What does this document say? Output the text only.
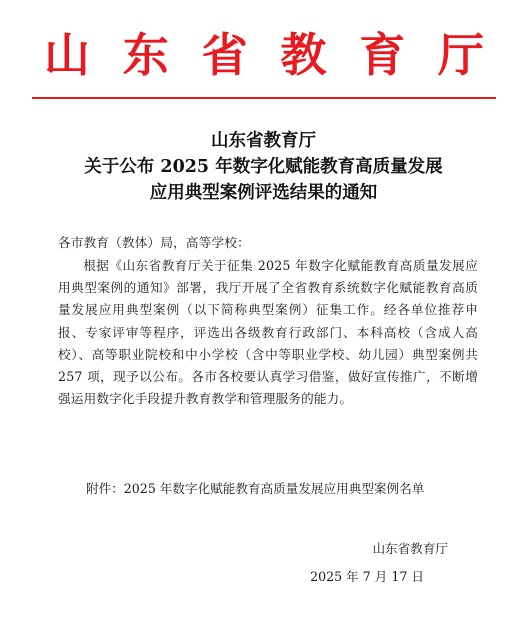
山 东 省 教 育 厅
山东省教育厅
关于公布 2025 年数字化赋能教育高质量发展
应用典型案例评选结果的通知
各市教育（教体）局，高等学校：
根据《山东省教育厅关于征集 2025 年数字化赋能教育高质量发展应用典型案例的通知》部署，我厅开展了全省教育系统数字化赋能教育高质量发展应用典型案例（以下简称典型案例）征集工作。经各单位推荐申报、专家评审等程序，评选出各级教育行政部门、本科高校（含成人高校）、高等职业院校和中小学校（含中等职业学校、幼儿园）典型案例共 257 项，现予以公布。各市各校要认真学习借鉴，做好宣传推广，不断增强运用数字化手段提升教育教学和管理服务的能力。
附件：2025 年数字化赋能教育高质量发展应用典型案例名单
山东省教育厅
2025 年 7 月 17 日
